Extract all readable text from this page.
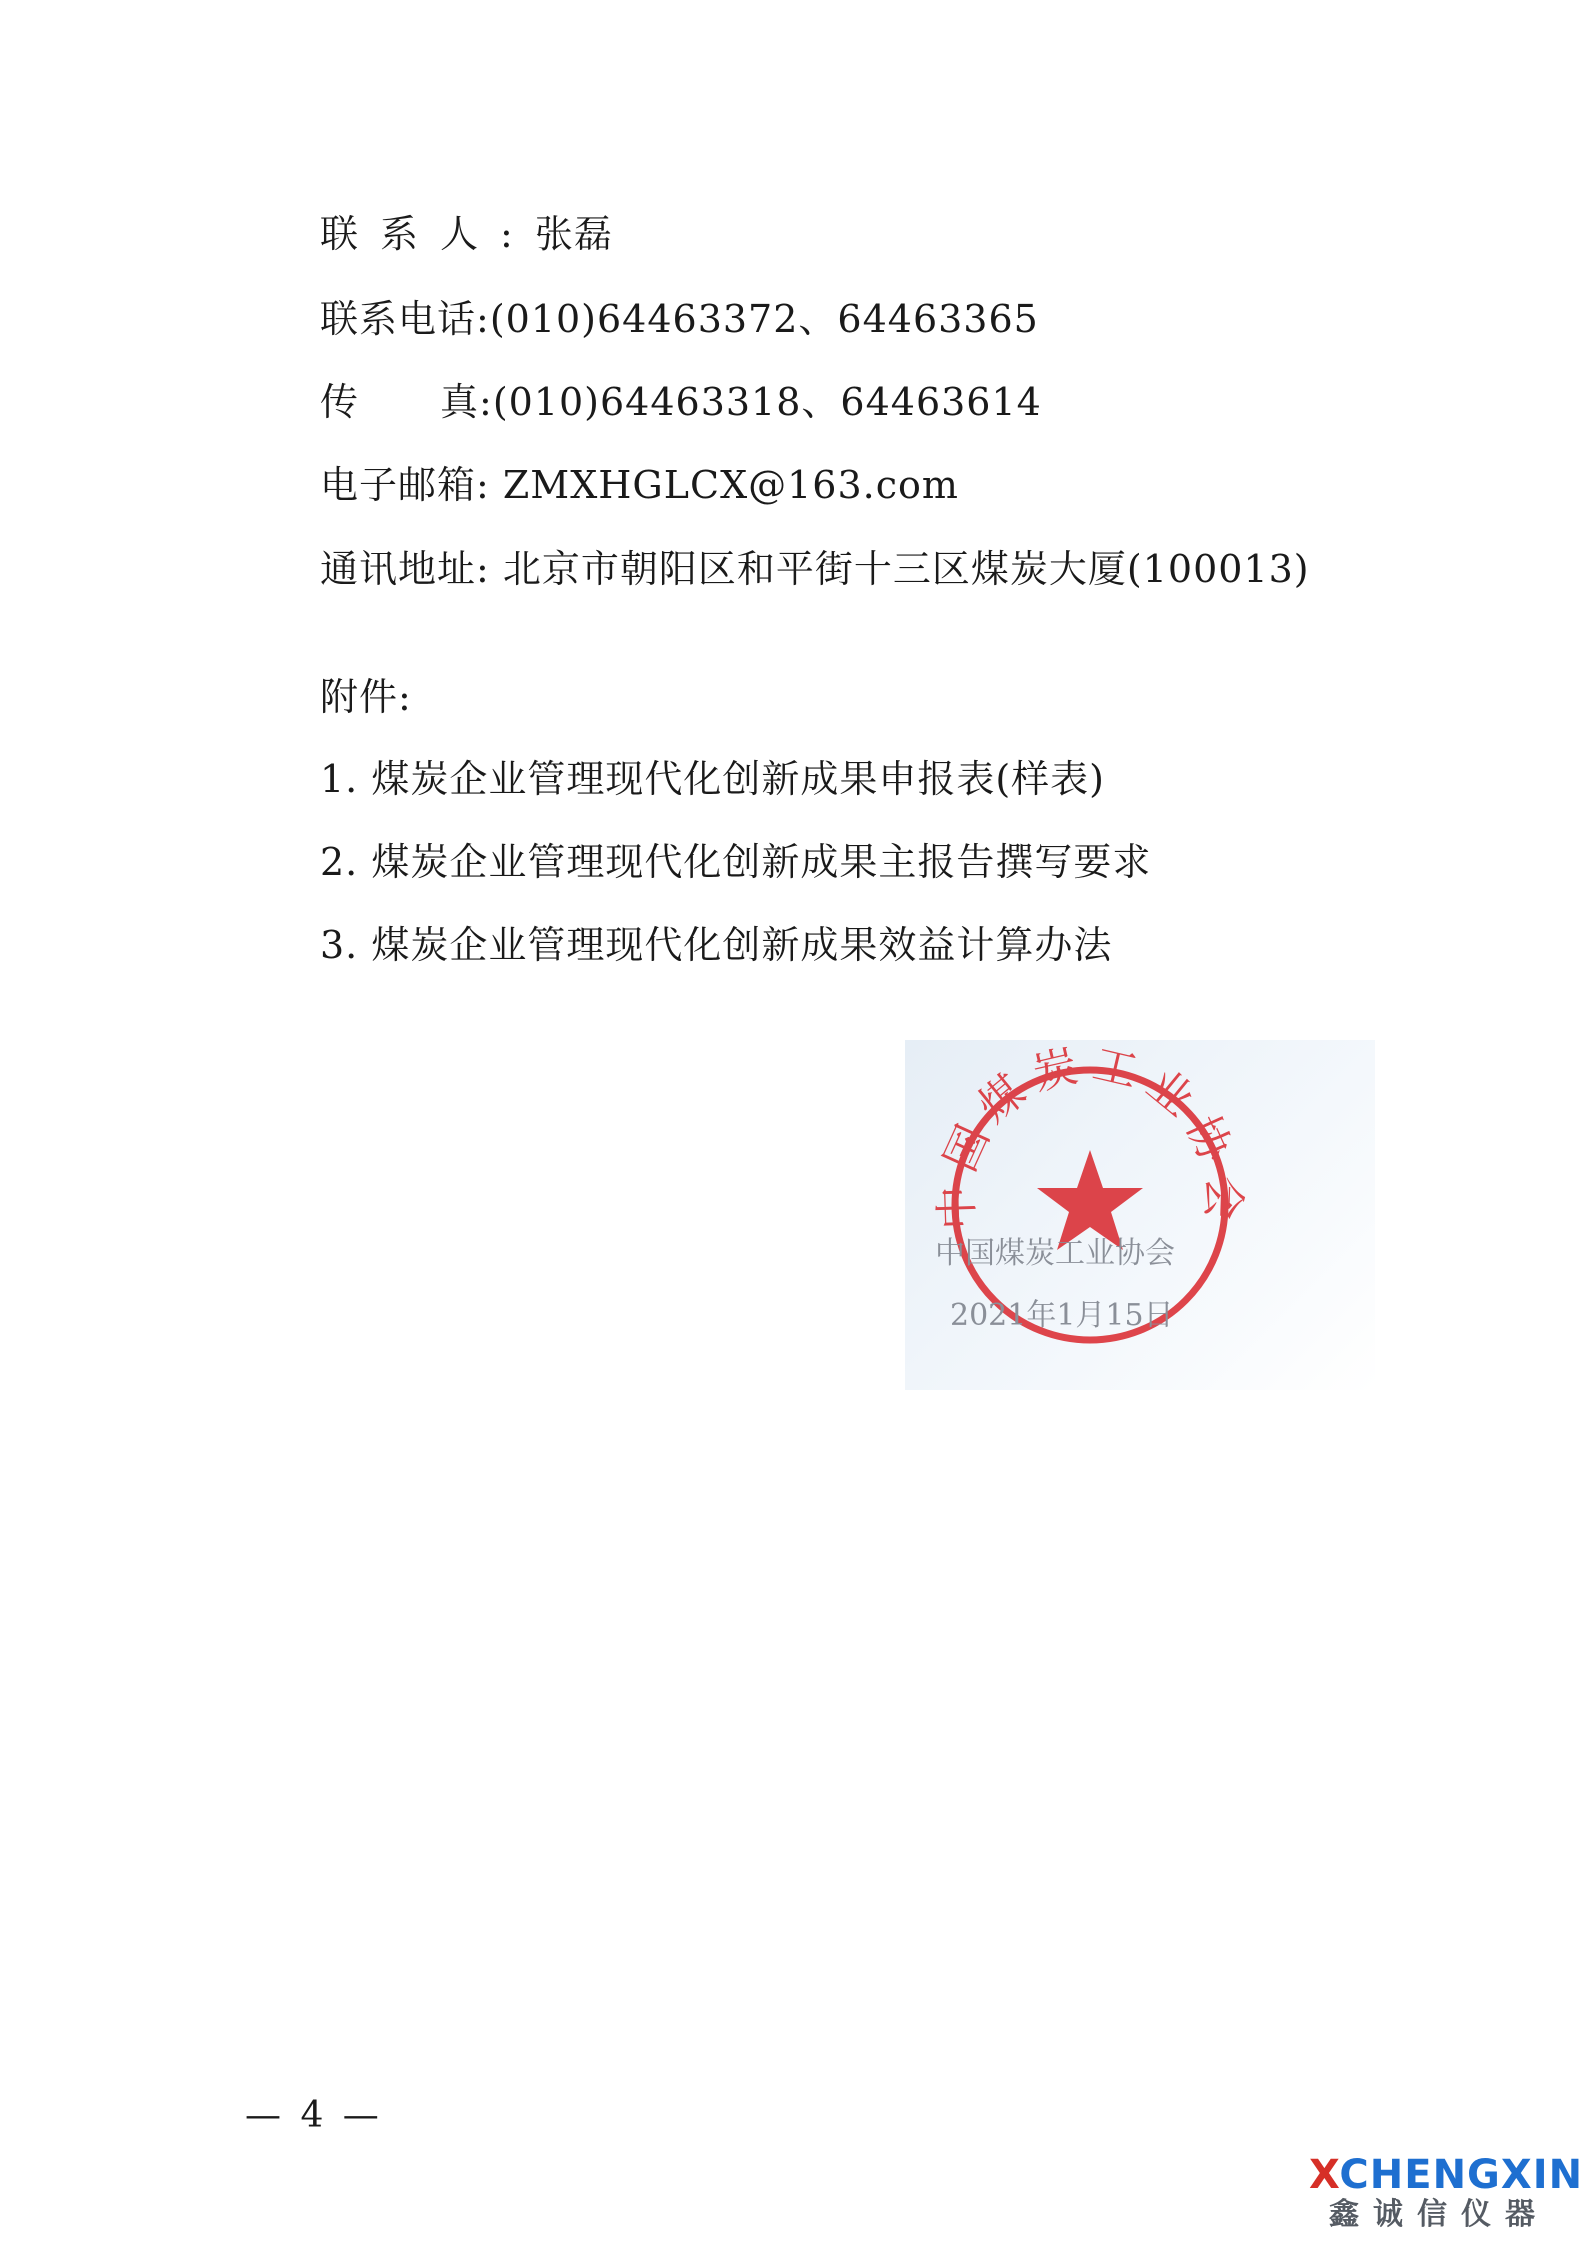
联系人:张磊
联系电话:(010)64463372、64463365
传 真:(010)64463318、64463614
电子邮箱: ZMXHGLCX@163.com
通讯地址: 北京市朝阳区和平街十三区煤炭大厦(100013)
附件:
1. 煤炭企业管理现代化创新成果申报表(样表)
2. 煤炭企业管理现代化创新成果主报告撰写要求
3. 煤炭企业管理现代化创新成果效益计算办法
中国煤炭工业协会
中国煤炭工业协会
2021年1月15日
— 4 —
XCHENGXIN
鑫诚信仪器
